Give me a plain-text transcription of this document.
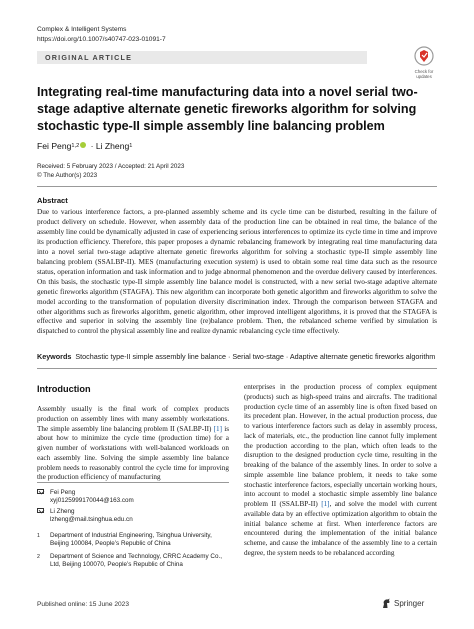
Complex & Intelligent Systems
https://doi.org/10.1007/s40747-023-01091-7
ORIGINAL ARTICLE
Check for updates
Integrating real-time manufacturing data into a novel serial two-stage adaptive alternate genetic fireworks algorithm for solving stochastic type-II simple assembly line balancing problem
Fei Peng 1,2
· Li Zheng 1
Received: 5 February 2023 / Accepted: 21 April 2023
© The Author(s) 2023
Abstract
Due to various interference factors, a pre-planned assembly scheme and its cycle time can be disturbed, resulting in the failure of product delivery on schedule. However, when assembly data of the production line can be obtained in real time, the balance of the assembly line could be dynamically adjusted in case of experiencing serious interferences to optimize its cycle time in time and improve its production efficiency. Therefore, this paper proposes a dynamic rebalancing framework by integrating real time manufacturing data into a novel serial two-stage adaptive alternate genetic fireworks algorithm for solving a stochastic type-II simple assembly line balancing problem (SSALBP-II). MES (manufacturing execution system) is used to obtain some real time data such as the resource status, operation information and task information and to judge abnormal phenomenon and the overdue delivery caused by interferences. On this basis, the stochastic type-II simple assembly line balance model is constructed, with a new serial two-stage adaptive alternate genetic fireworks algorithm (STAGFA). This new algorithm can incorporate both genetic algorithm and fireworks algorithm to solve the model according to the transformation of population diversity discrimination index. Through the comparison between STAGFA and other algorithms such as fireworks algorithm, genetic algorithm, other improved intelligent algorithms, it is proved that the STAGFA is effective and superior in solving the assembly line (re)balance problem. Then, the rebalanced scheme verified by simulation is dispatched to control the physical assembly line and realize dynamic rebalancing cycle time effectively.
Keywords Stochastic type-II simple assembly line balance · Serial two-stage · Adaptive alternate genetic fireworks algorithm
Introduction
Assembly usually is the final work of complex products production on assembly lines with many assembly workstations. The simple assembly line balancing problem II (SALBP-II) [1] is about how to minimize the cycle time (production time) for a given number of workstations with well-balanced workloads on each assembly line. Solving the simple assembly line balance problem needs to reasonably control the cycle time for improving the production efficiency of manufacturing
enterprises in the production process of complex equipment (products) such as high-speed trains and aircrafts. The traditional production cycle time of an assembly line is often fixed based on its precedent plan. However, in the actual production process, due to various interference factors such as delay in assembly process, lack of materials, etc., the production line cannot fully implement the production according to the plan, which often leads to the disruption to the designed production cycle time, resulting in the breaking of the balance of the assembly lines. In order to solve a simple assemble line balance problem, it needs to take some stochastic interference factors, especially uncertain working hours, into account to model a stochastic simple assembly line balance problem II (SSALBP-II) [1], and solve the model with current available data by an effective optimization algorithm to obtain the initial balance scheme at first. When interference factors are encountered during the implementation of the initial balance scheme, and cause the imbalance of the assembly line to a certain degree, the system needs to be rebalanced according
Fei Peng
xyj0125999170044@163.com
Li Zheng
lzheng@mail.tsinghua.edu.cn
1	Department of Industrial Engineering, Tsinghua University, Beijing 100084, People’s Republic of China
2	Department of Science and Technology, CRRC Academy Co., Ltd, Beijing 100070, People’s Republic of China
Published online: 15 June 2023	Springer
